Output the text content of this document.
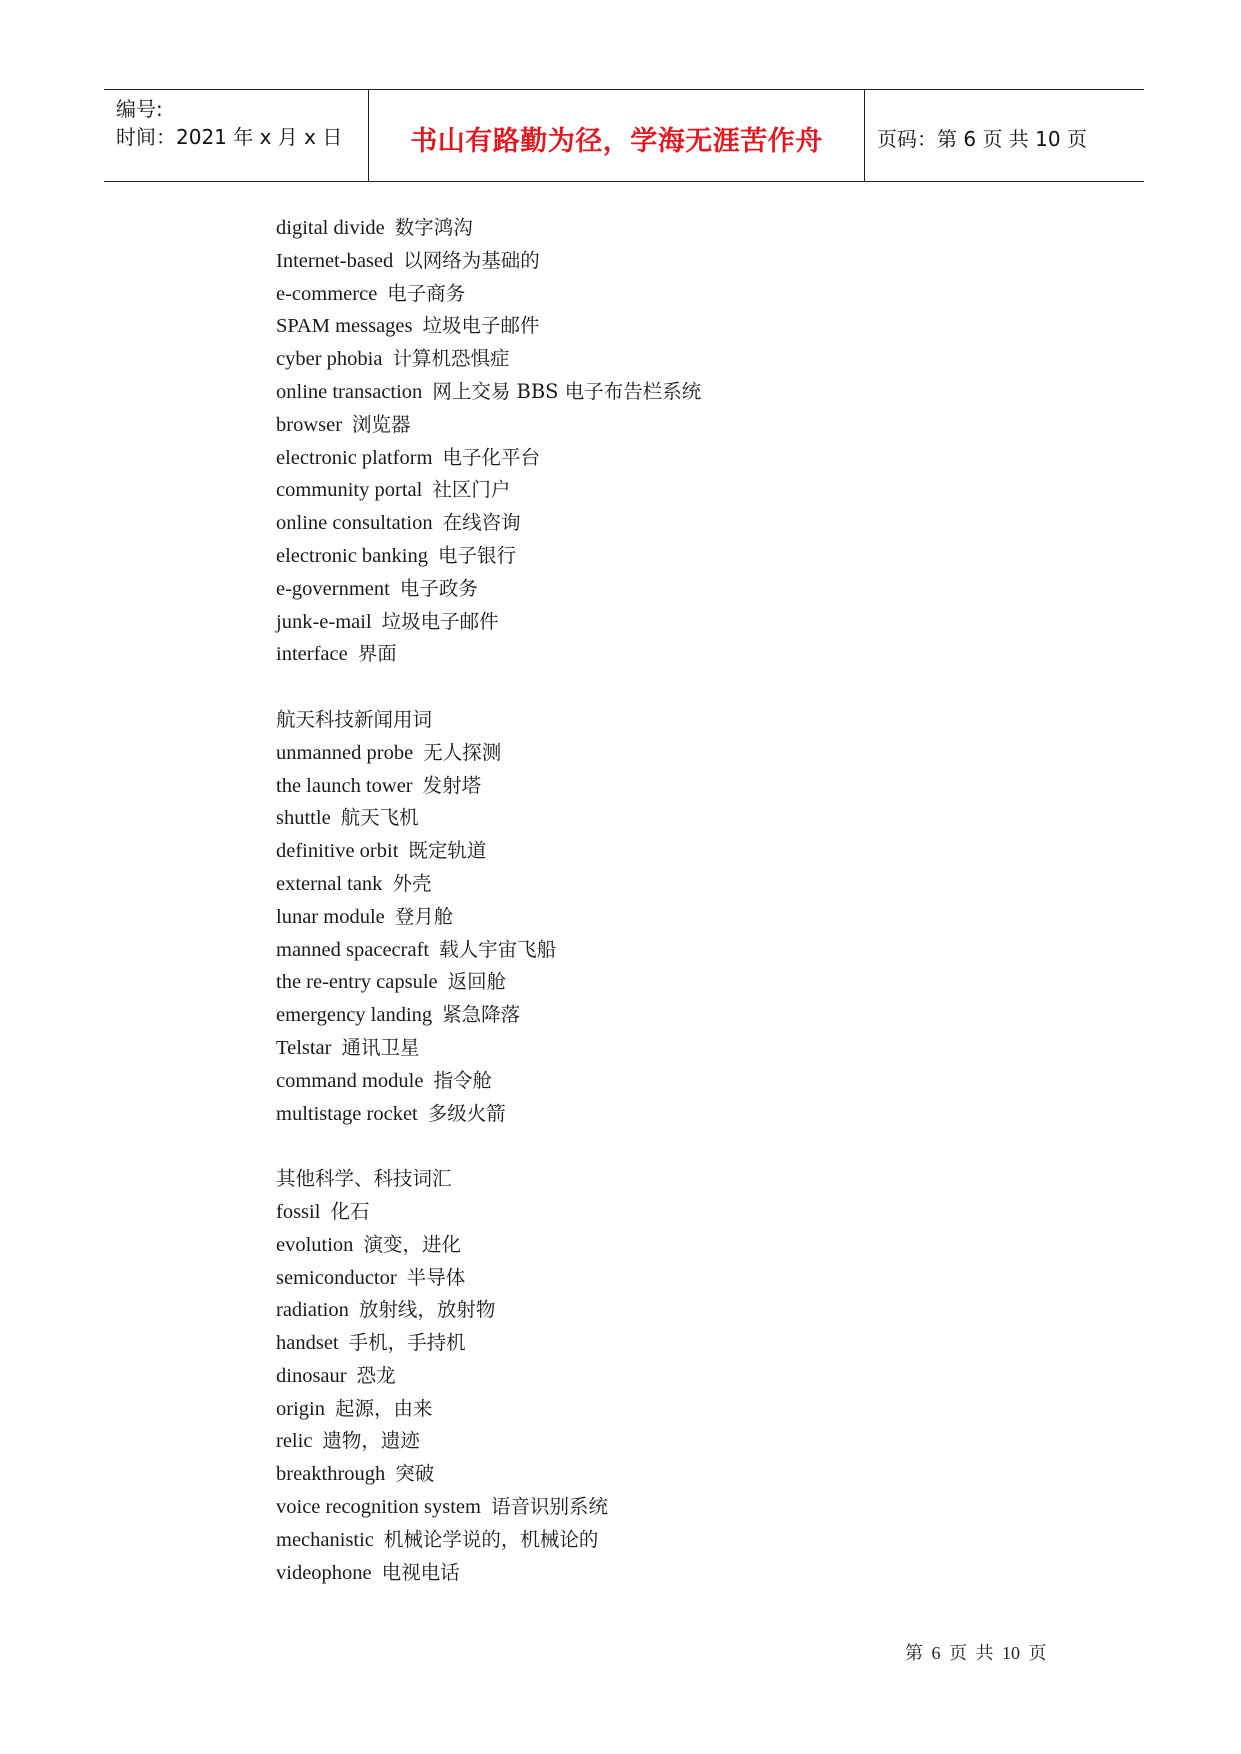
编号:
时间：2021 年 x 月 x 日	书山有路勤为径，学海无涯苦作舟	页码：第 6 页 共 10 页
digital divide 数字鸿沟
Internet-based 以网络为基础的
e-commerce 电子商务
SPAM messages 垃圾电子邮件
cyber phobia 计算机恐惧症
online transaction 网上交易 BBS 电子布告栏系统
browser 浏览器
electronic platform 电子化平台
community portal 社区门户
online consultation 在线咨询
electronic banking 电子银行
e-government 电子政务
junk-e-mail 垃圾电子邮件
interface 界面
航天科技新闻用词
unmanned probe 无人探测
the launch tower 发射塔
shuttle 航天飞机
definitive orbit 既定轨道
external tank 外壳
lunar module 登月舱
manned spacecraft 载人宇宙飞船
the re-entry capsule 返回舱
emergency landing 紧急降落
Telstar 通讯卫星
command module 指令舱
multistage rocket 多级火箭
其他科学、科技词汇
fossil 化石
evolution 演变，进化
semiconductor 半导体
radiation 放射线，放射物
handset 手机，手持机
dinosaur 恐龙
origin 起源，由来
relic 遗物，遗迹
breakthrough 突破
voice recognition system 语音识别系统
mechanistic 机械论学说的，机械论的
videophone 电视电话
第 6 页 共 10 页
